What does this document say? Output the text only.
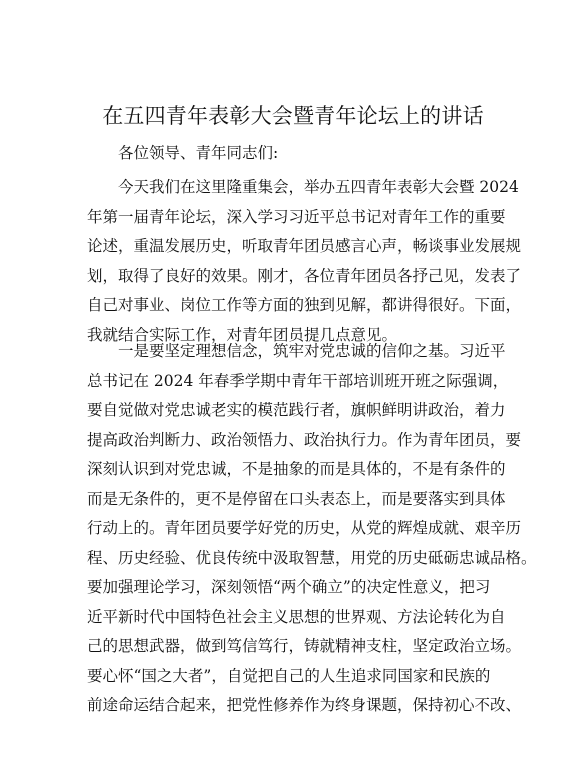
在五四青年表彰大会暨青年论坛上的讲话
各位领导、青年同志们:
今天我们在这里隆重集会，举办五四青年表彰大会暨 2024
年第一届青年论坛，深入学习习近平总书记对青年工作的重要
论述，重温发展历史，听取青年团员感言心声，畅谈事业发展规
划，取得了良好的效果。刚才，各位青年团员各抒己见，发表了
自己对事业、岗位工作等方面的独到见解，都讲得很好。下面，
我就结合实际工作，对青年团员提几点意见。
一是要坚定理想信念，筑牢对党忠诚的信仰之基。习近平
总书记在 2024 年春季学期中青年干部培训班开班之际强调，
要自觉做对党忠诚老实的模范践行者，旗帜鲜明讲政治，着力
提高政治判断力、政治领悟力、政治执行力。作为青年团员，要
深刻认识到对党忠诚，不是抽象的而是具体的，不是有条件的
而是无条件的，更不是停留在口头表态上，而是要落实到具体
行动上的。青年团员要学好党的历史，从党的辉煌成就、艰辛历
程、历史经验、优良传统中汲取智慧，用党的历史砥砺忠诚品格。
要加强理论学习，深刻领悟“两个确立”的决定性意义，把习
近平新时代中国特色社会主义思想的世界观、方法论转化为自
己的思想武器，做到笃信笃行，铸就精神支柱，坚定政治立场。
要心怀“国之大者”，自觉把自己的人生追求同国家和民族的
前途命运结合起来，把党性修养作为终身课题，保持初心不改、
